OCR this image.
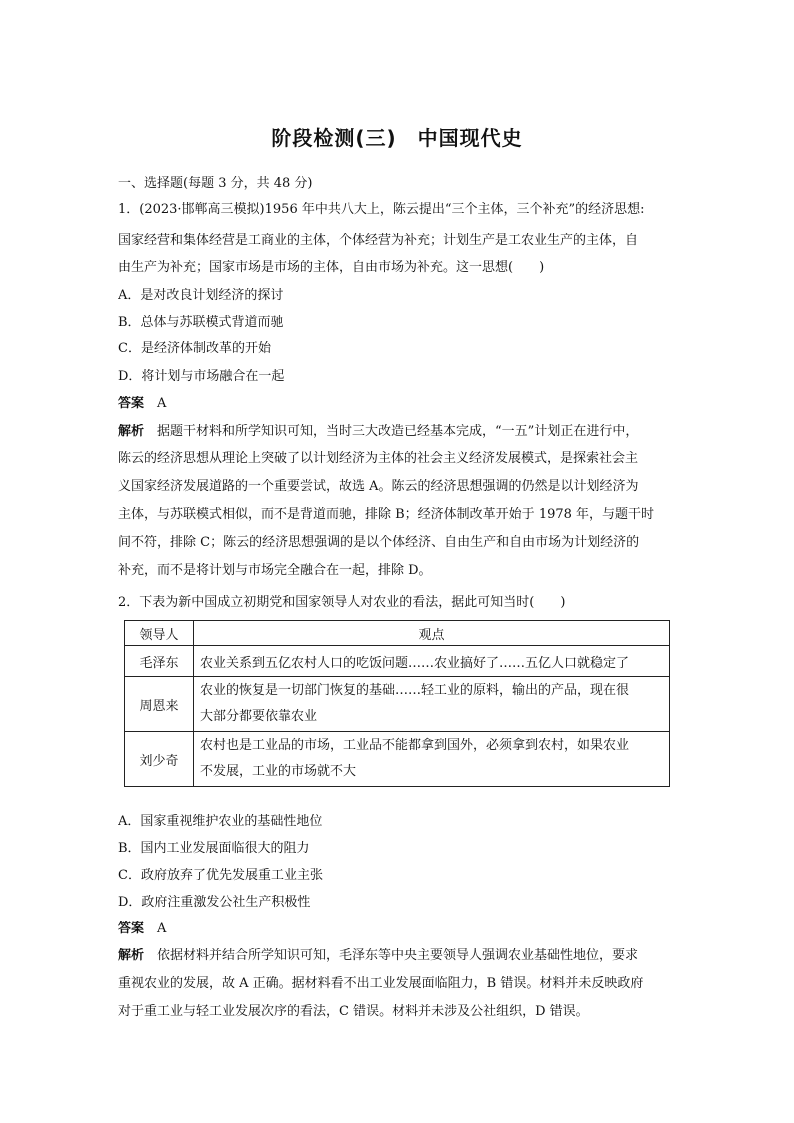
阶段检测(三)　中国现代史
一、选择题(每题 3 分，共 48 分)
1．(2023·邯郸高三模拟)1956 年中共八大上，陈云提出“三个主体，三个补充”的经济思想:
国家经营和集体经营是工商业的主体，个体经营为补充；计划生产是工农业生产的主体，自
由生产为补充；国家市场是市场的主体，自由市场为补充。这一思想(　　)
A．是对改良计划经济的探讨
B．总体与苏联模式背道而驰
C．是经济体制改革的开始
D．将计划与市场融合在一起
答案　 A
解析　 据题干材料和所学知识可知，当时三大改造已经基本完成，“一五”计划正在进行中，
陈云的经济思想从理论上突破了以计划经济为主体的社会主义经济发展模式，是探索社会主
义国家经济发展道路的一个重要尝试，故选 A。陈云的经济思想强调的仍然是以计划经济为
主体，与苏联模式相似，而不是背道而驰，排除 B；经济体制改革开始于 1978 年，与题干时
间不符，排除 C；陈云的经济思想强调的是以个体经济、自由生产和自由市场为计划经济的
补充，而不是将计划与市场完全融合在一起，排除 D。
2．下表为新中国成立初期党和国家领导人对农业的看法，据此可知当时(　　)
领导人	观点
毛泽东	农业关系到五亿农村人口的吃饭问题……农业搞好了……五亿人口就稳定了

周恩来	农业的恢复是一切部门恢复的基础……轻工业的原料，输出的产品，现在很
大部分都要依靠农业

刘少奇	农村也是工业品的市场，工业品不能都拿到国外，必须拿到农村，如果农业
不发展，工业的市场就不大
A．国家重视维护农业的基础性地位
B．国内工业发展面临很大的阻力
C．政府放弃了优先发展重工业主张
D．政府注重激发公社生产积极性
答案　 A
解析　 依据材料并结合所学知识可知，毛泽东等中央主要领导人强调农业基础性地位，要求
重视农业的发展，故 A 正确。据材料看不出工业发展面临阻力，B 错误。材料并未反映政府
对于重工业与轻工业发展次序的看法，C 错误。材料并未涉及公社组织，D 错误。
